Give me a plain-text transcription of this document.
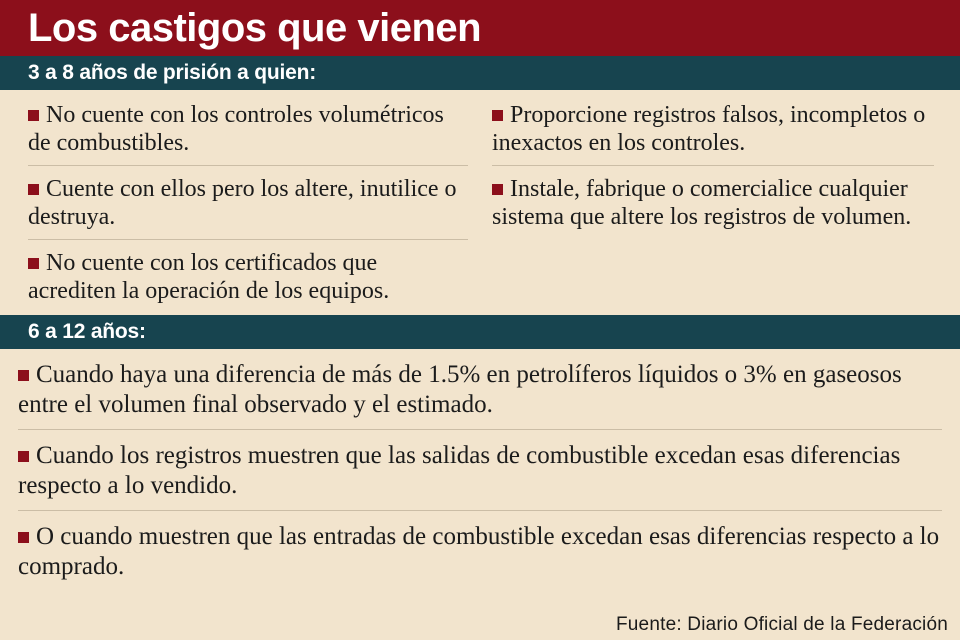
Los castigos que vienen
3 a 8 años de prisión a quien:

No cuente con los controles volumétricos de combustibles.

Cuente con ellos pero los altere, inutilice o destruya.

No cuente con los certificados que acrediten la operación de los equipos.

Proporcione registros falsos, incompletos o inexactos en los controles.

Instale, fabrique o comercialice cualquier sistema que altere los registros de volumen.

6 a 12 años:

Cuando haya una diferencia de más de 1.5% en petrolíferos líquidos o 3% en gaseosos entre el volumen final observado y el estimado.

Cuando los registros muestren que las salidas de combustible excedan esas diferencias respecto a lo vendido.

O cuando muestren que las entradas de combustible excedan esas diferencias respecto a lo comprado.

Fuente: Diario Oficial de la Federación
